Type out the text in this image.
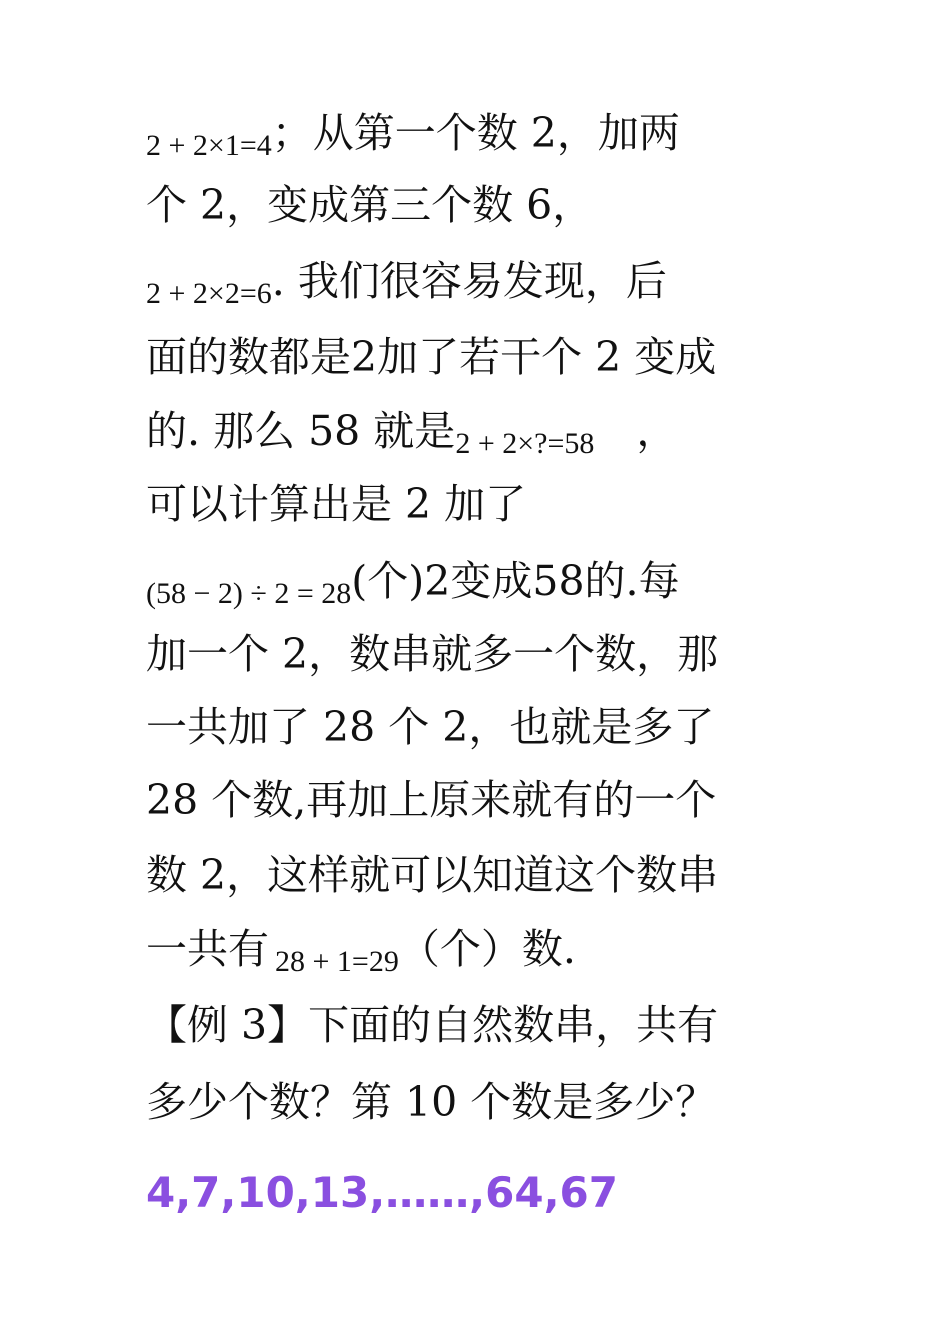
2 + 2×1=4；从第一个数 2，加两
个 2，变成第三个数 6，
2 + 2×2=6. 我们很容易发现，后
面的数都是2加了若干个 2 变成
的. 那么 58 就是2 + 2×?=58 ，
可以计算出是 2 加了
(58 − 2) ÷ 2 = 28(个)2变成58的.每
加一个 2，数串就多一个数，那
一共加了 28 个 2，也就是多了
28 个数,再加上原来就有的一个
数 2，这样就可以知道这个数串
一共有 28 + 1=29（个）数.
【例 3】下面的自然数串，共有
多少个数？第 10 个数是多少？
4,7,10,13,……,64,67
